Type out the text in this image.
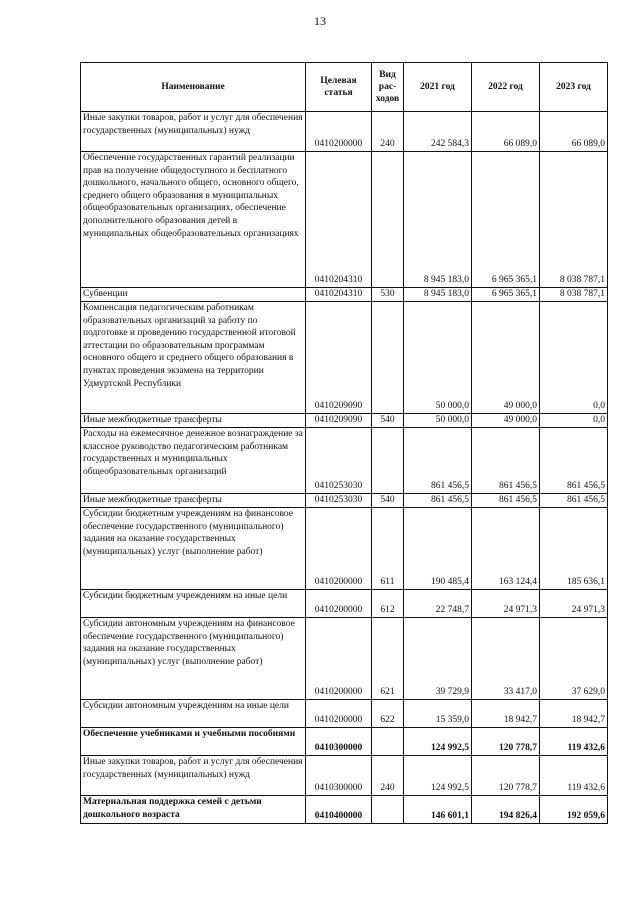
13
Наименование	Целевая статья	Вид рас-ходов	2021 год	2022 год	2023 год
Иные закупки товаров, работ и услуг для обеспечения государственных (муниципальных) нужд	0410200000	240	242 584,3	66 089,0	66 089,0
Обеспечение государственных гарантий реализации прав на получение общедоступного и бесплатного дошкольного, начального общего, основного общего, среднего общего образования в муниципальных общеобразовательных организациях, обеспечение дополнительного образования детей в муниципальных общеобразовательных организациях	0410204310		8 945 183,0	6 965 365,1	8 038 787,1
Субвенции	0410204310	530	8 945 183,0	6 965 365,1	8 038 787,1
Компенсация педагогическим работникам образовательных организаций за работу по подготовке и проведению государственной итоговой аттестации по образовательным программам основного общего и среднего общего образования в пунктах проведения экзамена на территории Удмуртской Республики	0410209090		50 000,0	49 000,0	0,0
Иные межбюджетные трансферты	0410209090	540	50 000,0	49 000,0	0,0
Расходы на ежемесячное денежное вознаграждение за классное руководство педагогическим работникам государственных и муниципальных общеобразовательных организаций	0410253030		861 456,5	861 456,5	861 456,5
Иные межбюджетные трансферты	0410253030	540	861 456,5	861 456,5	861 456,5
Субсидии бюджетным учреждениям на финансовое обеспечение государственного (муниципального) задания на оказание государственных (муниципальных) услуг (выполнение работ)	0410200000	611	190 485,4	163 124,4	185 636,1
Субсидии бюджетным учреждениям на иные цели	0410200000	612	22 748,7	24 971,3	24 971,3
Субсидии автономным учреждениям на финансовое обеспечение государственного (муниципального) задания на оказание государственных (муниципальных) услуг (выполнение работ)	0410200000	621	39 729,9	33 417,0	37 629,0
Субсидии автономным учреждениям на иные цели	0410200000	622	15 359,0	18 942,7	18 942,7
Обеспечение учебниками и учебными пособиями	0410300000		124 992,5	120 778,7	119 432,6
Иные закупки товаров, работ и услуг для обеспечения государственных (муниципальных) нужд	0410300000	240	124 992,5	120 778,7	119 432,6
Материальная поддержка семей с детьми дошкольного возраста	0410400000		146 601,1	194 826,4	192 059,6
